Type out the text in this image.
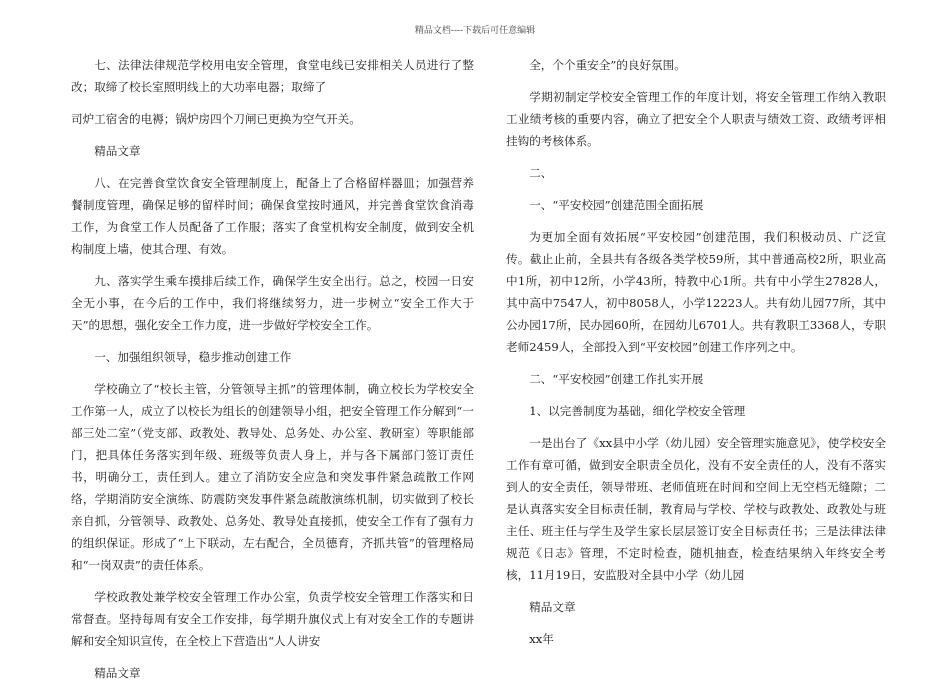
精品文档----下载后可任意编辑

七、法律法律规范学校用电安全管理，食堂电线已安排相关人员进行了整改；取缔了校长室照明线上的大功率电器；取缔了

司炉工宿舍的电褥；锅炉房四个刀闸已更换为空气开关。

精品文章

八、在完善食堂饮食安全管理制度上，配备上了合格留样器皿；加强营养餐制度管理，确保足够的留样时间；确保食堂按时通风，并完善食堂饮食消毒工作，为食堂工作人员配备了工作服；落实了食堂机构安全制度，做到安全机构制度上墙，使其合理、有效。

九、落实学生乘车摸排后续工作，确保学生安全出行。总之，校园一日安全无小事，在今后的工作中，我们将继续努力，进一步树立“安全工作大于天”的思想，强化安全工作力度，进一步做好学校安全工作。

一、加强组织领导，稳步推动创建工作

学校确立了“校长主管，分管领导主抓”的管理体制，确立校长为学校安全工作第一人，成立了以校长为组长的创建领导小组，把安全管理工作分解到“一部三处二室”（党支部、政教处、教导处、总务处、办公室、教研室）等职能部门，把具体任务落实到年级、班级等负责人身上，并与各下属部门签订责任书，明确分工，责任到人。建立了消防安全应急和突发事件紧急疏散工作网络，学期消防安全演练、防震防突发事件紧急疏散演练机制，切实做到了校长亲自抓，分管领导、政教处、总务处、教导处直接抓，使安全工作有了强有力的组织保证。形成了“上下联动，左右配合，全员德育，齐抓共管”的管理格局和“一岗双责”的责任体系。

学校政教处兼学校安全管理工作办公室，负责学校安全管理工作落实和日常督查。坚持每周有安全工作安排，每学期升旗仪式上有对安全工作的专题讲解和安全知识宣传，在全校上下营造出“人人讲安

精品文章

全，个个重安全”的良好氛围。

学期初制定学校安全管理工作的年度计划，将安全管理工作纳入教职工业绩考核的重要内容，确立了把安全个人职责与绩效工资、政绩考评相挂钩的考核体系。

二、

一、“平安校园”创建范围全面拓展

为更加全面有效拓展“平安校园”创建范围，我们积极动员、广泛宣传。截止止前，全县共有各级各类学校59所，其中普通高校2所，职业高中1所，初中12所，小学43所，特教中心1所。共有中小学生27828人，其中高中7547人，初中8058人，小学12223人。共有幼儿园77所，其中公办园17所，民办园60所，在园幼儿6701人。共有教职工3368人，专职老师2459人，全部投入到“平安校园”创建工作序列之中。

二、“平安校园”创建工作扎实开展

1、以完善制度为基础，细化学校安全管理

一是出台了《xx县中小学（幼儿园）安全管理实施意见》，使学校安全工作有章可循，做到安全职责全员化，没有不安全责任的人，没有不落实到人的安全责任，领导带班、老师值班在时间和空间上无空档无缝隙；二是认真落实安全目标责任制，教育局与学校、学校与政教处、政教处与班主任、班主任与学生及学生家长层层签订安全目标责任书；三是法律法律规范《日志》管理，不定时检查，随机抽查，检查结果纳入年终安全考核，11月19日，安监股对全县中小学（幼儿园

精品文章

xx年
